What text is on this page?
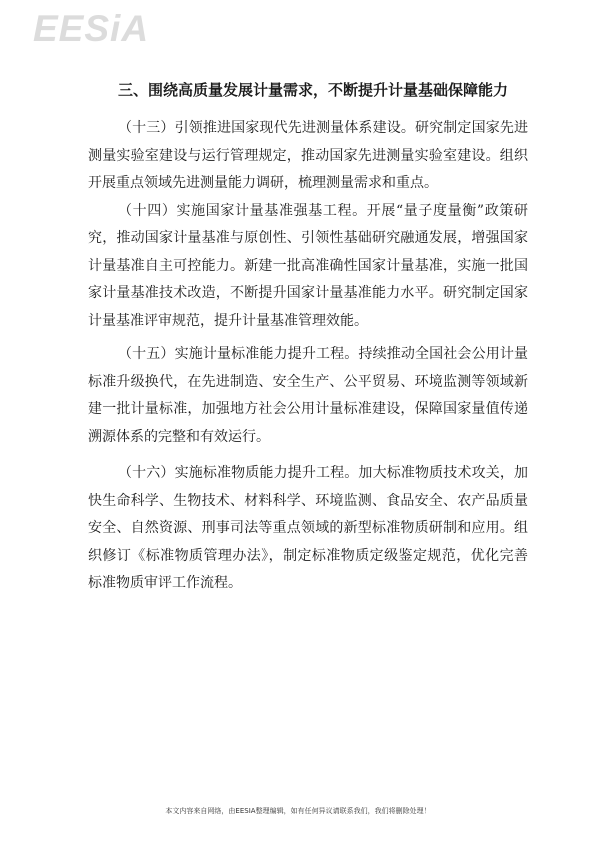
EESiA

三、围绕高质量发展计量需求，不断提升计量基础保障能力

（十三）引领推进国家现代先进测量体系建设。研究制定国家先进测量实验室建设与运行管理规定，推动国家先进测量实验室建设。组织开展重点领域先进测量能力调研，梳理测量需求和重点。

（十四）实施国家计量基准强基工程。开展“量子度量衡”政策研究，推动国家计量基准与原创性、引领性基础研究融通发展，增强国家计量基准自主可控能力。新建一批高准确性国家计量基准，实施一批国家计量基准技术改造，不断提升国家计量基准能力水平。研究制定国家计量基准评审规范，提升计量基准管理效能。

（十五）实施计量标准能力提升工程。持续推动全国社会公用计量标准升级换代，在先进制造、安全生产、公平贸易、环境监测等领域新建一批计量标准，加强地方社会公用计量标准建设，保障国家量值传递溯源体系的完整和有效运行。

（十六）实施标准物质能力提升工程。加大标准物质技术攻关，加快生命科学、生物技术、材料科学、环境监测、食品安全、农产品质量安全、自然资源、刑事司法等重点领域的新型标准物质研制和应用。组织修订《标准物质管理办法》，制定标准物质定级鉴定规范，优化完善标准物质审评工作流程。

本文内容来自网络，由EESIA整理编辑，如有任何异议请联系我们，我们将删除处理！
